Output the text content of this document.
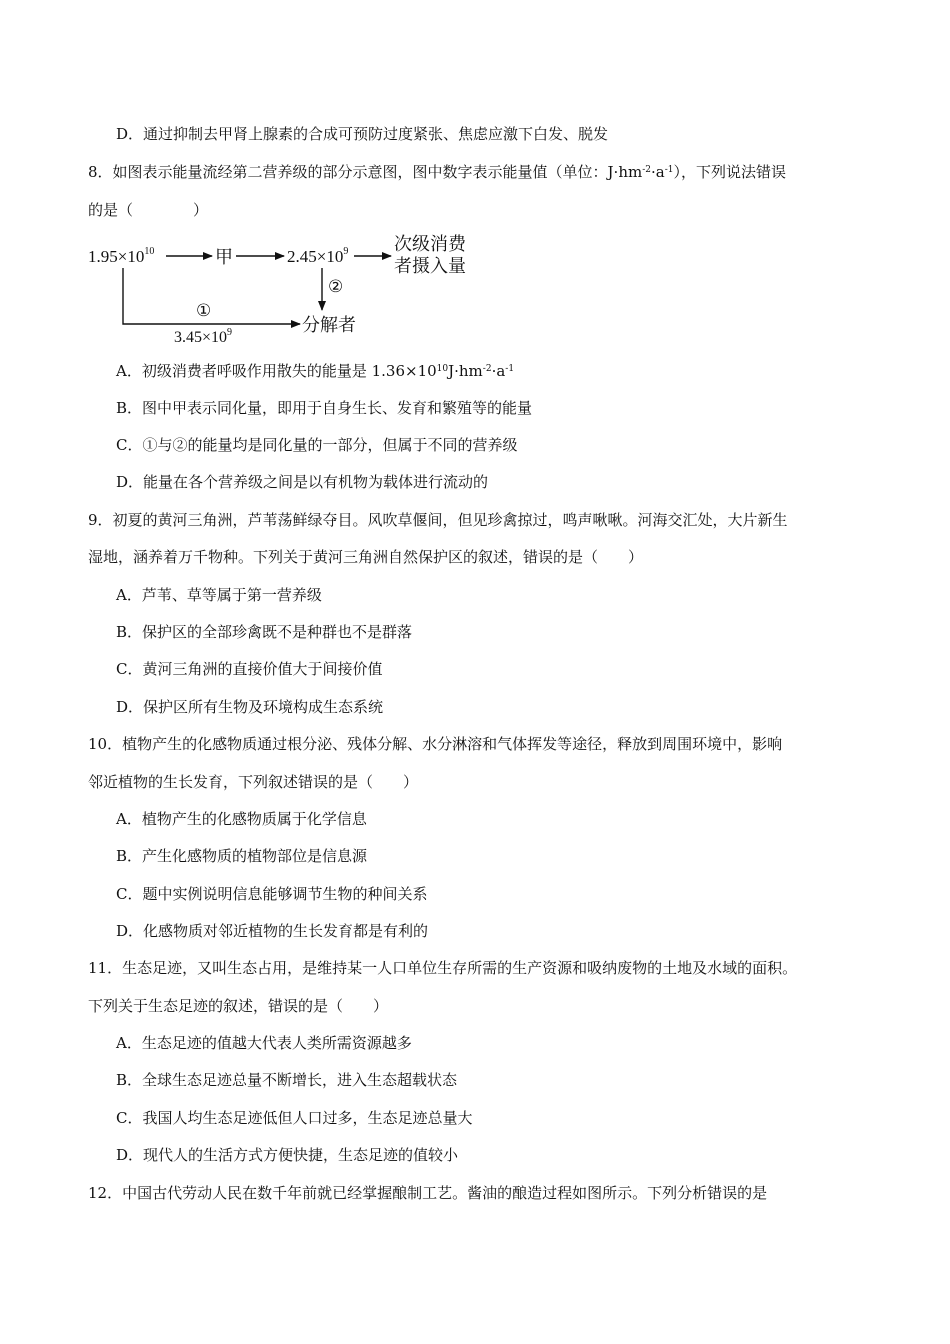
D．通过抑制去甲肾上腺素的合成可预防过度紧张、焦虑应激下白发、脱发
8．如图表示能量流经第二营养级的部分示意图，图中数字表示能量值（单位：$J\cdot hm^{-2}\cdot a^{-1}$），下列说法错误
的是（　　　　）
$1.95\times 10^{10}$	甲	$2.45\times 10^9$	次级消费
者摄入量
②
①
$3.45\times 10^9$	分解者
A．初级消费者呼吸作用散失的能量是 $1.36\times 10^{10}J\cdot hm^{-2}\cdot a^{-1}$
B．图中甲表示同化量，即用于自身生长、发育和繁殖等的能量
C．①与②的能量均是同化量的一部分，但属于不同的营养级
D．能量在各个营养级之间是以有机物为载体进行流动的
9．初夏的黄河三角洲，芦苇荡鲜绿夺目。风吹草偃间，但见珍禽掠过，鸣声啾啾。河海交汇处，大片新生
湿地，涵养着万千物种。下列关于黄河三角洲自然保护区的叙述，错误的是（　　）
A．芦苇、草等属于第一营养级
B．保护区的全部珍禽既不是种群也不是群落
C．黄河三角洲的直接价值大于间接价值
D．保护区所有生物及环境构成生态系统
10．植物产生的化感物质通过根分泌、残体分解、水分淋溶和气体挥发等途径，释放到周围环境中，影响
邻近植物的生长发育，下列叙述错误的是（　　）
A．植物产生的化感物质属于化学信息
B．产生化感物质的植物部位是信息源
C．题中实例说明信息能够调节生物的种间关系
D．化感物质对邻近植物的生长发育都是有利的
11．生态足迹，又叫生态占用，是维持某一人口单位生存所需的生产资源和吸纳废物的土地及水域的面积。
下列关于生态足迹的叙述，错误的是（　　）
A．生态足迹的值越大代表人类所需资源越多
B．全球生态足迹总量不断增长，进入生态超载状态
C．我国人均生态足迹低但人口过多，生态足迹总量大
D．现代人的生活方式方便快捷，生态足迹的值较小
12．中国古代劳动人民在数千年前就已经掌握酿制工艺。酱油的酿造过程如图所示。下列分析错误的是
